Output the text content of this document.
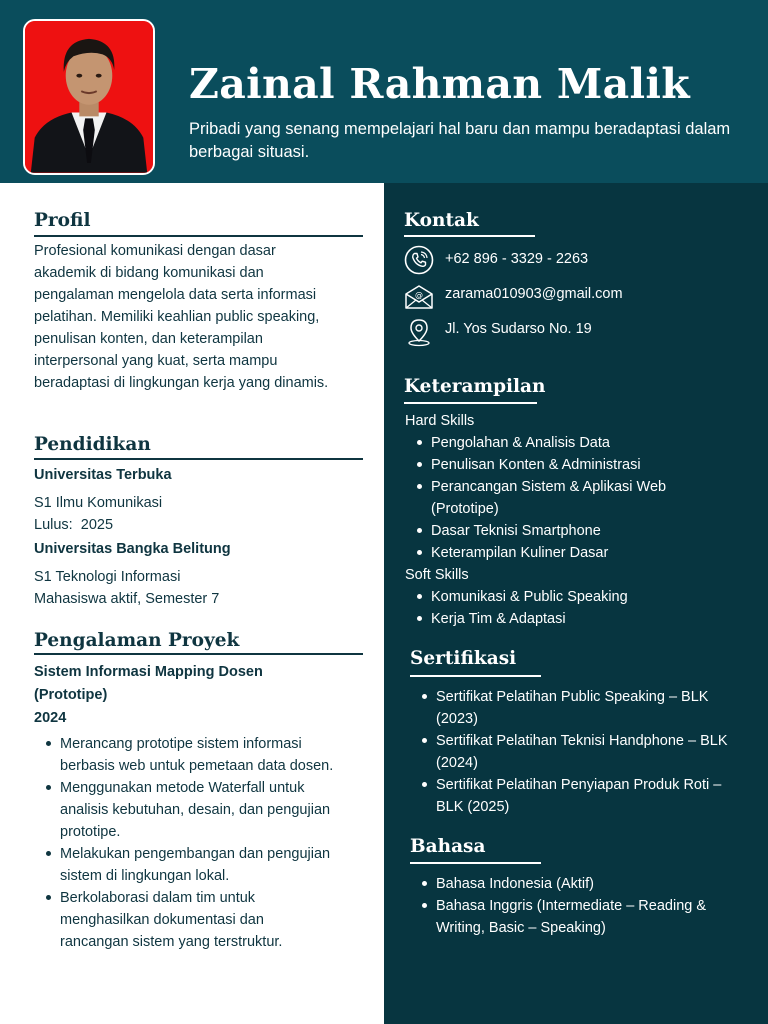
Zainal Rahman Malik
Pribadi yang senang mempelajari hal baru dan mampu beradaptasi dalam berbagai situasi.
Profil
Profesional komunikasi dengan dasar akademik di bidang komunikasi dan pengalaman mengelola data serta informasi pelatihan. Memiliki keahlian public speaking, penulisan konten, dan keterampilan interpersonal yang kuat, serta mampu beradaptasi di lingkungan kerja yang dinamis.
Pendidikan
Universitas Terbuka
S1 Ilmu Komunikasi
Lulus:  2025
Universitas Bangka Belitung
S1 Teknologi Informasi
Mahasiswa aktif, Semester 7
Pengalaman Proyek
Sistem Informasi Mapping Dosen (Prototipe)
2024
Merancang prototipe sistem informasi berbasis web untuk pemetaan data dosen.
Menggunakan metode Waterfall untuk analisis kebutuhan, desain, dan pengujian prototipe.
Melakukan pengembangan dan pengujian sistem di lingkungan lokal.
Berkolaborasi dalam tim untuk menghasilkan dokumentasi dan rancangan sistem yang terstruktur.
Kontak
+62 896 - 3329 - 2263
@ zarama010903@gmail.com
Jl. Yos Sudarso No. 19
Keterampilan
Hard Skills
Pengolahan & Analisis Data
Penulisan Konten & Administrasi
Perancangan Sistem & Aplikasi Web (Prototipe)
Dasar Teknisi Smartphone
Keterampilan Kuliner Dasar
Soft Skills
Komunikasi & Public Speaking
Kerja Tim & Adaptasi
Sertifikasi
Sertifikat Pelatihan Public Speaking – BLK (2023)
Sertifikat Pelatihan Teknisi Handphone – BLK (2024)
Sertifikat Pelatihan Penyiapan Produk Roti – BLK (2025)
Bahasa
Bahasa Indonesia (Aktif)
Bahasa Inggris (Intermediate – Reading & Writing, Basic – Speaking)
